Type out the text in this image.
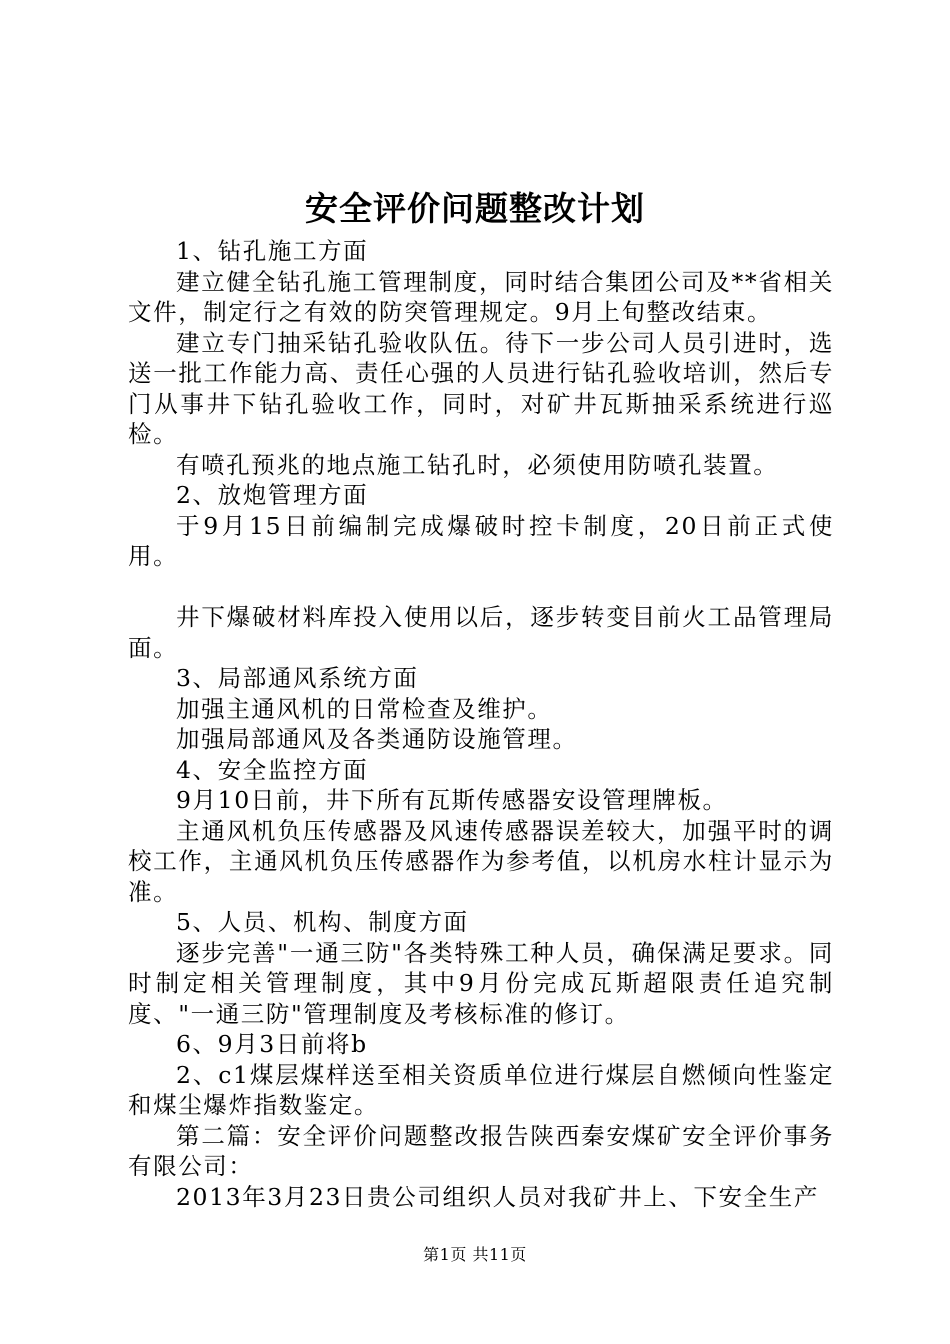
安全评价问题整改计划

1、钻孔施工方面

建立健全钻孔施工管理制度，同时结合集团公司及**省相关文件，制定行之有效的防突管理规定。9月上旬整改结束。

建立专门抽采钻孔验收队伍。待下一步公司人员引进时，选送一批工作能力高、责任心强的人员进行钻孔验收培训，然后专门从事井下钻孔验收工作，同时，对矿井瓦斯抽采系统进行巡检。

有喷孔预兆的地点施工钻孔时，必须使用防喷孔装置。

2、放炮管理方面

于9月15日前编制完成爆破时控卡制度，20日前正式使用。

井下爆破材料库投入使用以后，逐步转变目前火工品管理局面。

3、局部通风系统方面

加强主通风机的日常检查及维护。

加强局部通风及各类通防设施管理。

4、安全监控方面

9月10日前，井下所有瓦斯传感器安设管理牌板。

主通风机负压传感器及风速传感器误差较大，加强平时的调校工作，主通风机负压传感器作为参考值，以机房水柱计显示为准。

5、人员、机构、制度方面

逐步完善"一通三防"各类特殊工种人员，确保满足要求。同时制定相关管理制度，其中9月份完成瓦斯超限责任追究制度、"一通三防"管理制度及考核标准的修订。

6、9月3日前将b

2、c1煤层煤样送至相关资质单位进行煤层自燃倾向性鉴定和煤尘爆炸指数鉴定。

第二篇：安全评价问题整改报告陕西秦安煤矿安全评价事务有限公司：

2013年3月23日贵公司组织人员对我矿井上、下安全生产

第1页 共11页
